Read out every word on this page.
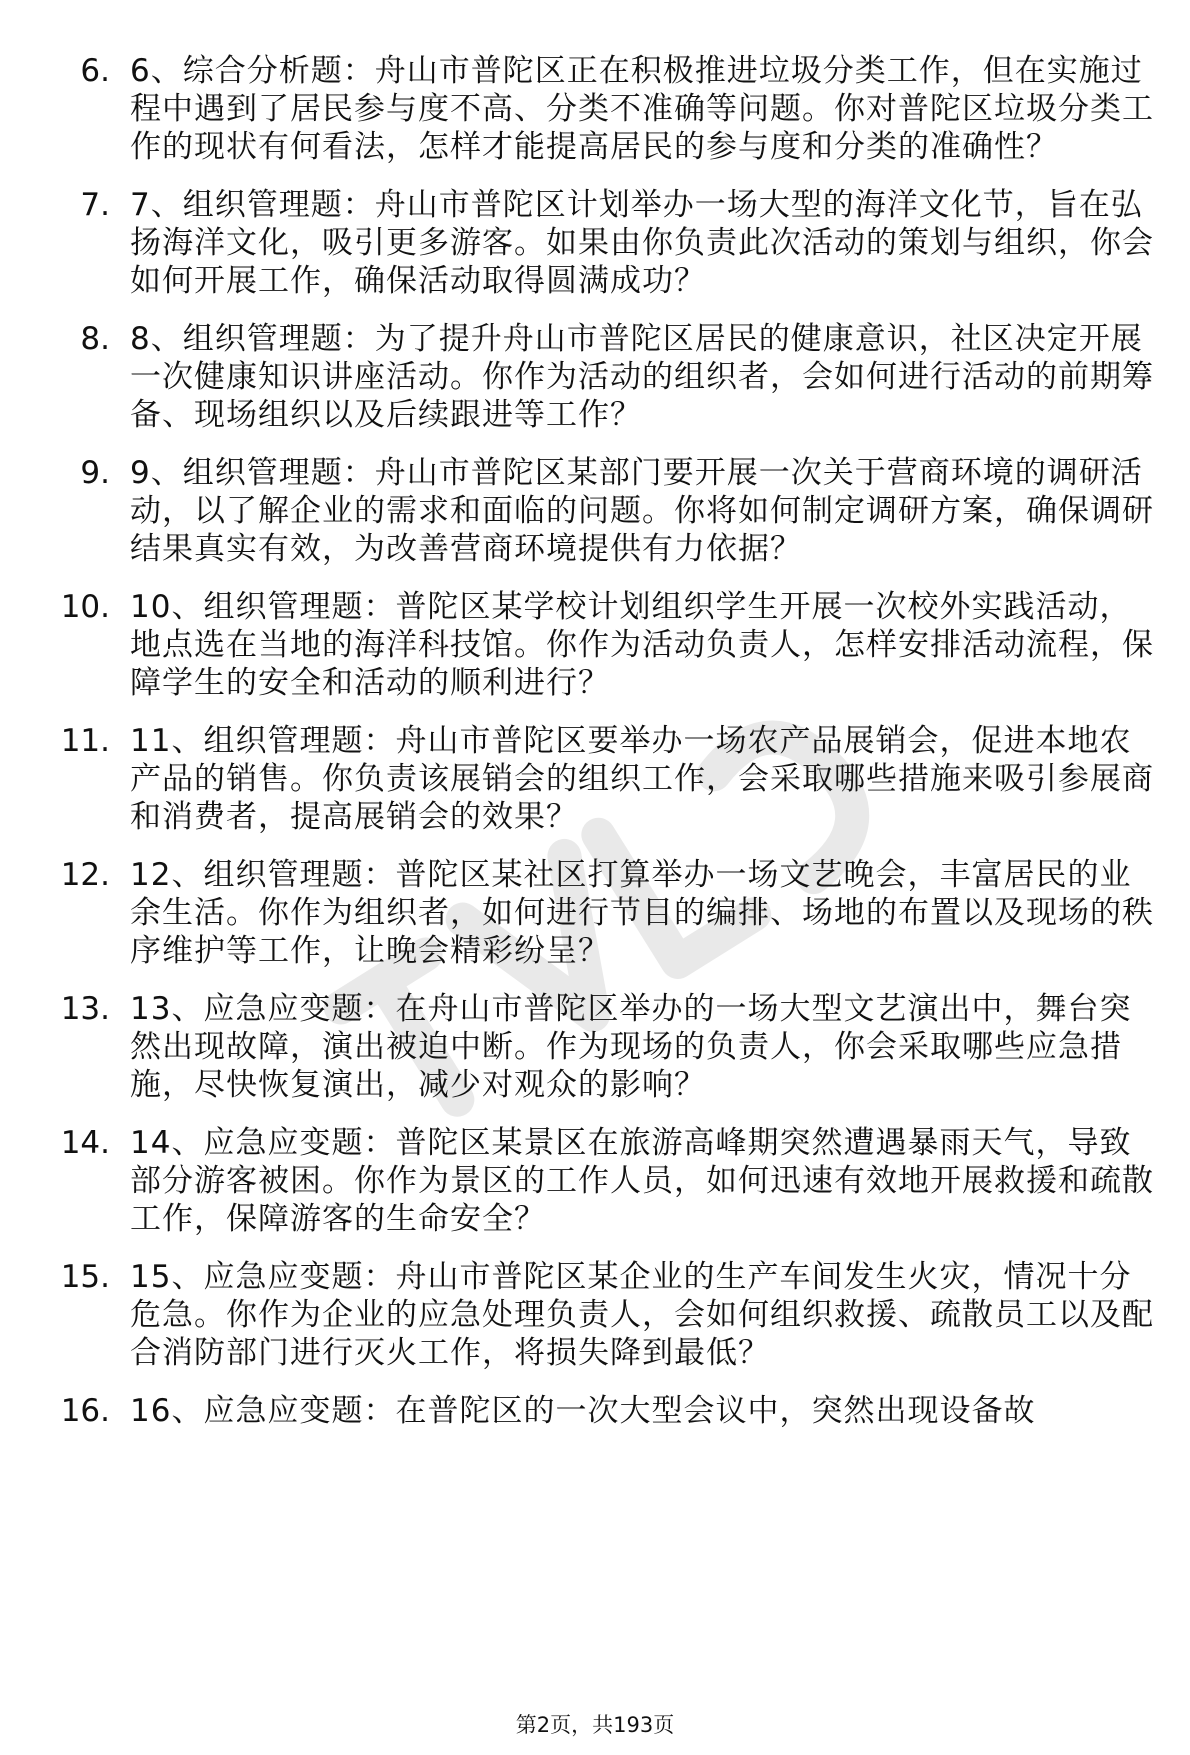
6. 6、综合分析题：舟山市普陀区正在积极推进垃圾分类工作，但在实施过程中遇到了居民参与度不高、分类不准确等问题。你对普陀区垃圾分类工作的现状有何看法，怎样才能提高居民的参与度和分类的准确性？
7. 7、组织管理题：舟山市普陀区计划举办一场大型的海洋文化节，旨在弘扬海洋文化，吸引更多游客。如果由你负责此次活动的策划与组织，你会如何开展工作，确保活动取得圆满成功？
8. 8、组织管理题：为了提升舟山市普陀区居民的健康意识，社区决定开展一次健康知识讲座活动。你作为活动的组织者，会如何进行活动的前期筹备、现场组织以及后续跟进等工作？
9. 9、组织管理题：舟山市普陀区某部门要开展一次关于营商环境的调研活动，以了解企业的需求和面临的问题。你将如何制定调研方案，确保调研结果真实有效，为改善营商环境提供有力依据？
10. 10、组织管理题：普陀区某学校计划组织学生开展一次校外实践活动，地点选在当地的海洋科技馆。你作为活动负责人，怎样安排活动流程，保障学生的安全和活动的顺利进行？
11. 11、组织管理题：舟山市普陀区要举办一场农产品展销会，促进本地农产品的销售。你负责该展销会的组织工作，会采取哪些措施来吸引参展商和消费者，提高展销会的效果？
12. 12、组织管理题：普陀区某社区打算举办一场文艺晚会，丰富居民的业余生活。你作为组织者，如何进行节目的编排、场地的布置以及现场的秩序维护等工作，让晚会精彩纷呈？
13. 13、应急应变题：在舟山市普陀区举办的一场大型文艺演出中，舞台突然出现故障，演出被迫中断。作为现场的负责人，你会采取哪些应急措施，尽快恢复演出，减少对观众的影响？
14. 14、应急应变题：普陀区某景区在旅游高峰期突然遭遇暴雨天气，导致部分游客被困。你作为景区的工作人员，如何迅速有效地开展救援和疏散工作，保障游客的生命安全？
15. 15、应急应变题：舟山市普陀区某企业的生产车间发生火灾，情况十分危急。你作为企业的应急处理负责人，会如何组织救援、疏散员工以及配合消防部门进行灭火工作，将损失降到最低？
16. 16、应急应变题：在普陀区的一次大型会议中，突然出现设备故
第2页，共193页
